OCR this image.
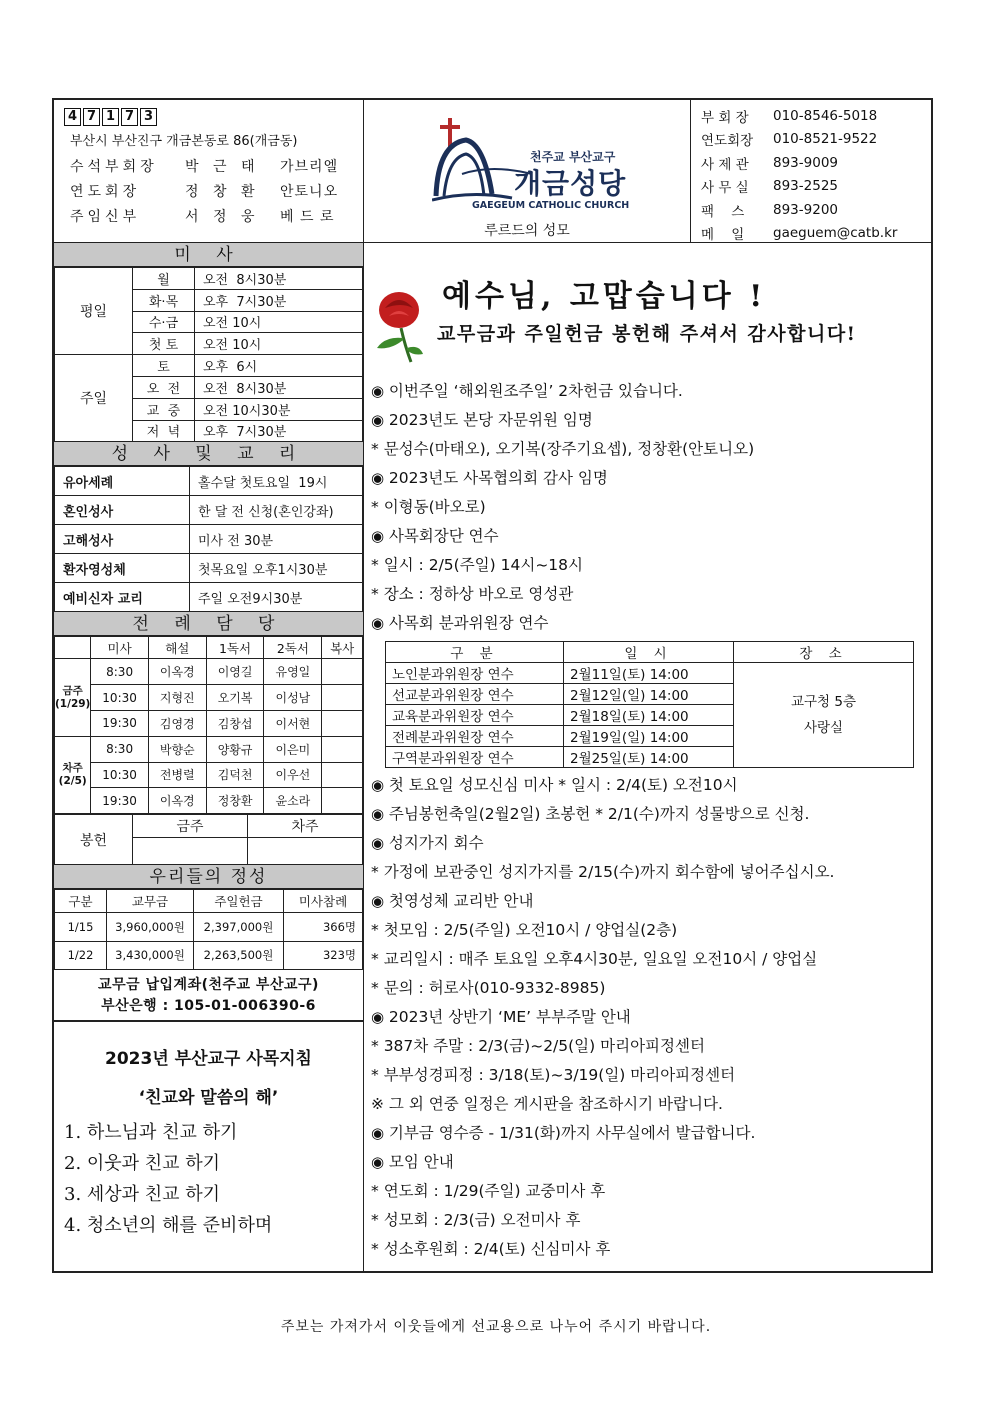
4 7 1 7 3
부산시 부산진구 개금본동로 86(개금동)
수석부회장	박 근 태	가브리엘
연도회장	정 창 환	안토니오
주임신부	서 정 웅	베 드 로
천주교 부산교구
개금성당
GAEGEUM CATHOLIC CHURCH
루르드의 성모
부 회 장	010-8546-5018
연도회장	010-8521-9522
사 제 관	893-9009
사 무 실	893-2525
팩    스	893-9200
메    일	gaeguem@catb.kr
미 사
평일	월	오전  8시30분
	화·목	오후  7시30분
	수·금	오전 10시
	첫 토	오전 10시
주일	토	오후  6시
	오  전	오전  8시30분
	교  중	오전 10시30분
	저  녁	오후  7시30분
성 사 및 교 리
유아세례	홀수달 첫토요일  19시
혼인성사	한 달 전 신청(혼인강좌)
고해성사	미사 전 30분
환자영성체	첫목요일 오후1시30분
예비신자 교리	주일 오전9시30분
전 례 담 당
	미사	해설	1독서	2독서	복사
금주(1/29)	8:30	이옥경	이영길	유영일	
	10:30	지형진	오기복	이성남	
	19:30	김영경	김창섭	이서현	
차주(2/5)	8:30	박향순	양황규	이은미	
	10:30	전병렬	김덕천	이우선	
	19:30	이옥경	정창환	윤소라	
봉헌	금주	차주

우리들의 정성
구분	교무금	주일헌금	미사참례
1/15	3,960,000원	2,397,000원	366명
1/22	3,430,000원	2,263,500원	323명
교무금 납입계좌(천주교 부산교구)
부산은행 : 105-01-006390-6
2023년 부산교구 사목지침
‘친교와 말씀의 해’
1. 하느님과 친교 하기
2. 이웃과 친교 하기
3. 세상과 친교 하기
4. 청소년의 해를 준비하며
예수님, 고맙습니다 !
교무금과 주일헌금 봉헌해 주셔서 감사합니다!
◉ 이번주일 ‘해외원조주일’ 2차헌금 있습니다.
◉ 2023년도 본당 자문위원 임명
* 문성수(마태오), 오기복(장주기요셉), 정창환(안토니오)
◉ 2023년도 사목협의회 감사 임명
* 이형동(바오로)
◉ 사목회장단 연수
* 일시 : 2/5(주일) 14시~18시
* 장소 : 정하상 바오로 영성관
◉ 사목회 분과위원장 연수
구 분	일 시	장 소
노인분과위원장 연수	2월11일(토) 14:00	교구청 5층
사랑실

선교분과위원장 연수	2월12일(일) 14:00	
교육분과위원장 연수	2월18일(토) 14:00	
전례분과위원장 연수	2월19일(일) 14:00	
구역분과위원장 연수	2월25일(토) 14:00	
◉ 첫 토요일 성모신심 미사 * 일시 : 2/4(토) 오전10시
◉ 주님봉헌축일(2월2일) 초봉헌 * 2/1(수)까지 성물방으로 신청.
◉ 성지가지 회수
* 가정에 보관중인 성지가지를 2/15(수)까지 회수함에 넣어주십시오.
◉ 첫영성체 교리반 안내
* 첫모임 : 2/5(주일) 오전10시 / 양업실(2층)
* 교리일시 : 매주 토요일 오후4시30분, 일요일 오전10시 / 양업실
* 문의 : 허로사(010-9332-8985)
◉ 2023년 상반기 ‘ME’ 부부주말 안내
* 387차 주말 : 2/3(금)~2/5(일) 마리아피정센터
* 부부성경피정 : 3/18(토)~3/19(일) 마리아피정센터
※ 그 외 연중 일정은 게시판을 참조하시기 바랍니다.
◉ 기부금 영수증 - 1/31(화)까지 사무실에서 발급합니다.
◉ 모임 안내
* 연도회 : 1/29(주일) 교중미사 후
* 성모회 : 2/3(금) 오전미사 후
* 성소후원회 : 2/4(토) 신심미사 후
주보는 가져가서 이웃들에게 선교용으로 나누어 주시기 바랍니다.
